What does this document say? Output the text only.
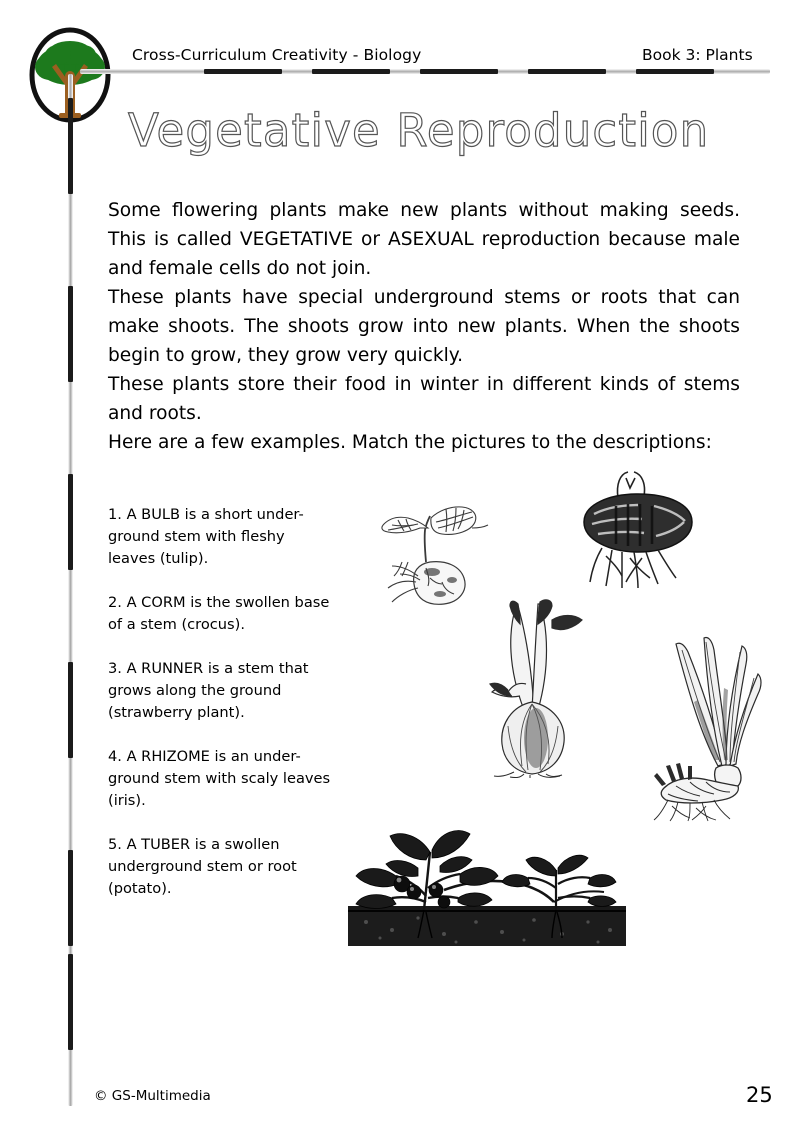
Cross-Curriculum Creativity - Biology	Book 3: Plants
Vegetative Reproduction

Some flowering plants make new plants without making seeds. This is called VEGETATIVE or ASEXUAL reproduction because male and female cells do not join.

These plants have special underground stems or roots that can make shoots. The shoots grow into new plants. When the shoots begin to grow, they grow very quickly.

These plants store their food in winter in different kinds of stems and roots.

Here are a few examples. Match the pictures to the descriptions:

1. A BULB is a short under-ground stem with fleshy leaves (tulip).
2. A CORM is the swollen base of a stem (crocus).
3. A RUNNER is a stem that grows along the ground (strawberry plant).
4. A RHIZOME is an under-ground stem with scaly leaves (iris).
5. A TUBER is a swollen underground stem or root (potato).
© GS-Multimedia	25
